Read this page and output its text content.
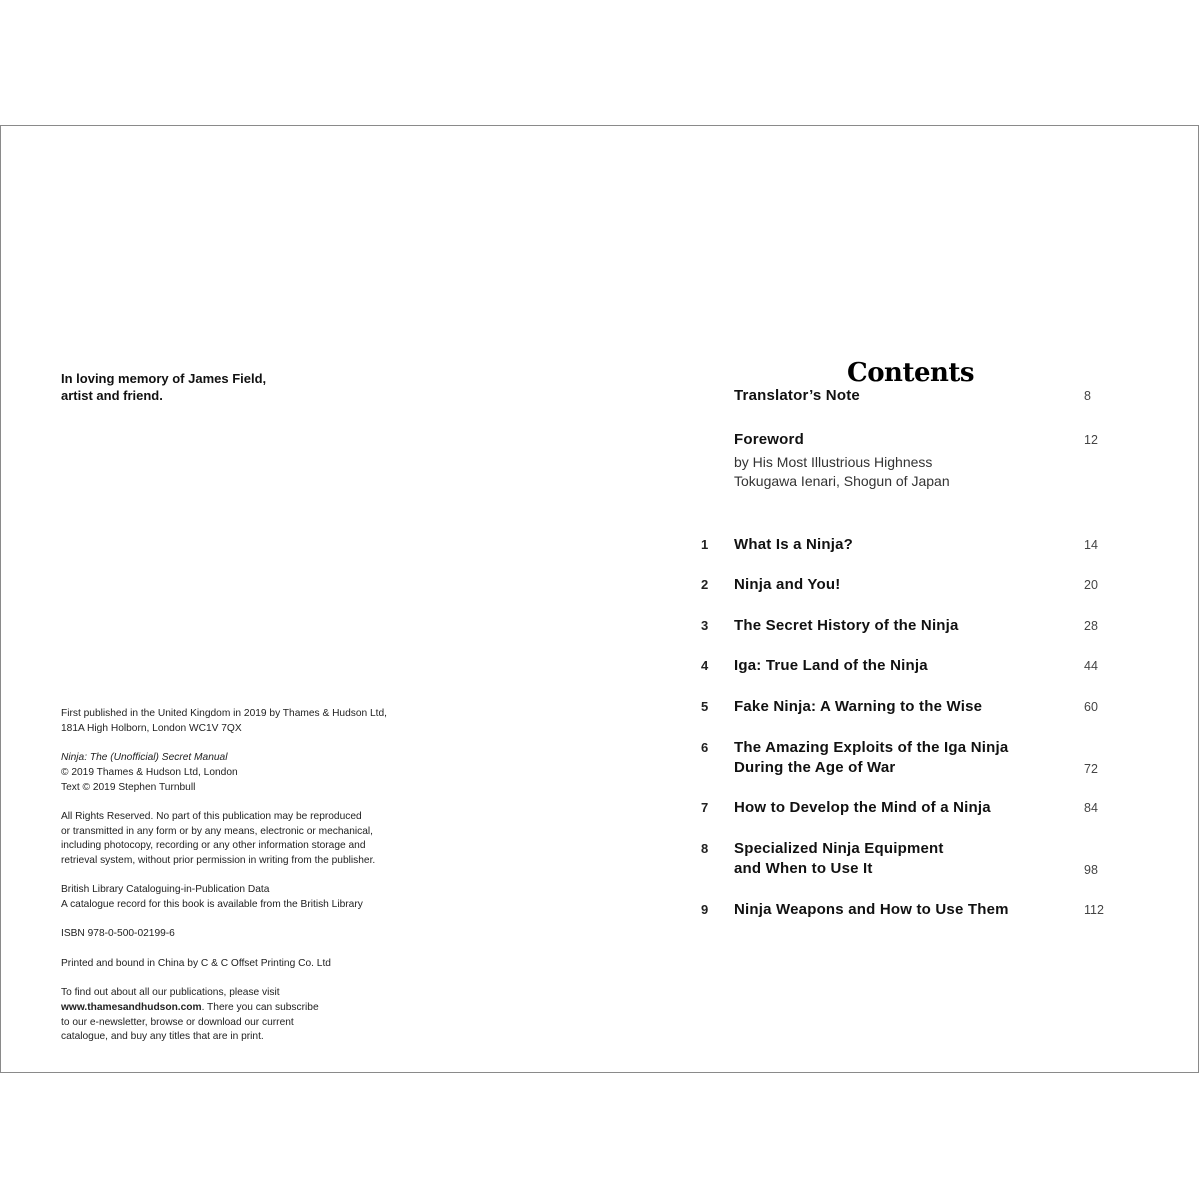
In loving memory of James Field,
artist and friend.

First published in the United Kingdom in 2019 by Thames & Hudson Ltd,
181A High Holborn, London WC1V 7QX

Ninja: The (Unofficial) Secret Manual
© 2019 Thames & Hudson Ltd, London
Text © 2019 Stephen Turnbull

All Rights Reserved. No part of this publication may be reproduced
or transmitted in any form or by any means, electronic or mechanical,
including photocopy, recording or any other information storage and
retrieval system, without prior permission in writing from the publisher.

British Library Cataloguing-in-Publication Data
A catalogue record for this book is available from the British Library

ISBN 978-0-500-02199-6

Printed and bound in China by C & C Offset Printing Co. Ltd

To find out about all our publications, please visit
www.thamesandhudson.com. There you can subscribe
to our e-newsletter, browse or download our current
catalogue, and buy any titles that are in print.

Contents
Translator’s Note	8
Foreword	12
by His Most Illustrious Highness
Tokugawa Ienari, Shogun of Japan
1 What Is a Ninja?	14
2 Ninja and You!	20
3 The Secret History of the Ninja	28
4 Iga: True Land of the Ninja	44
5 Fake Ninja: A Warning to the Wise	60
6 The Amazing Exploits of the Iga Ninja
During the Age of War	72
7 How to Develop the Mind of a Ninja	84
8 Specialized Ninja Equipment
and When to Use It	98
9 Ninja Weapons and How to Use Them	112
